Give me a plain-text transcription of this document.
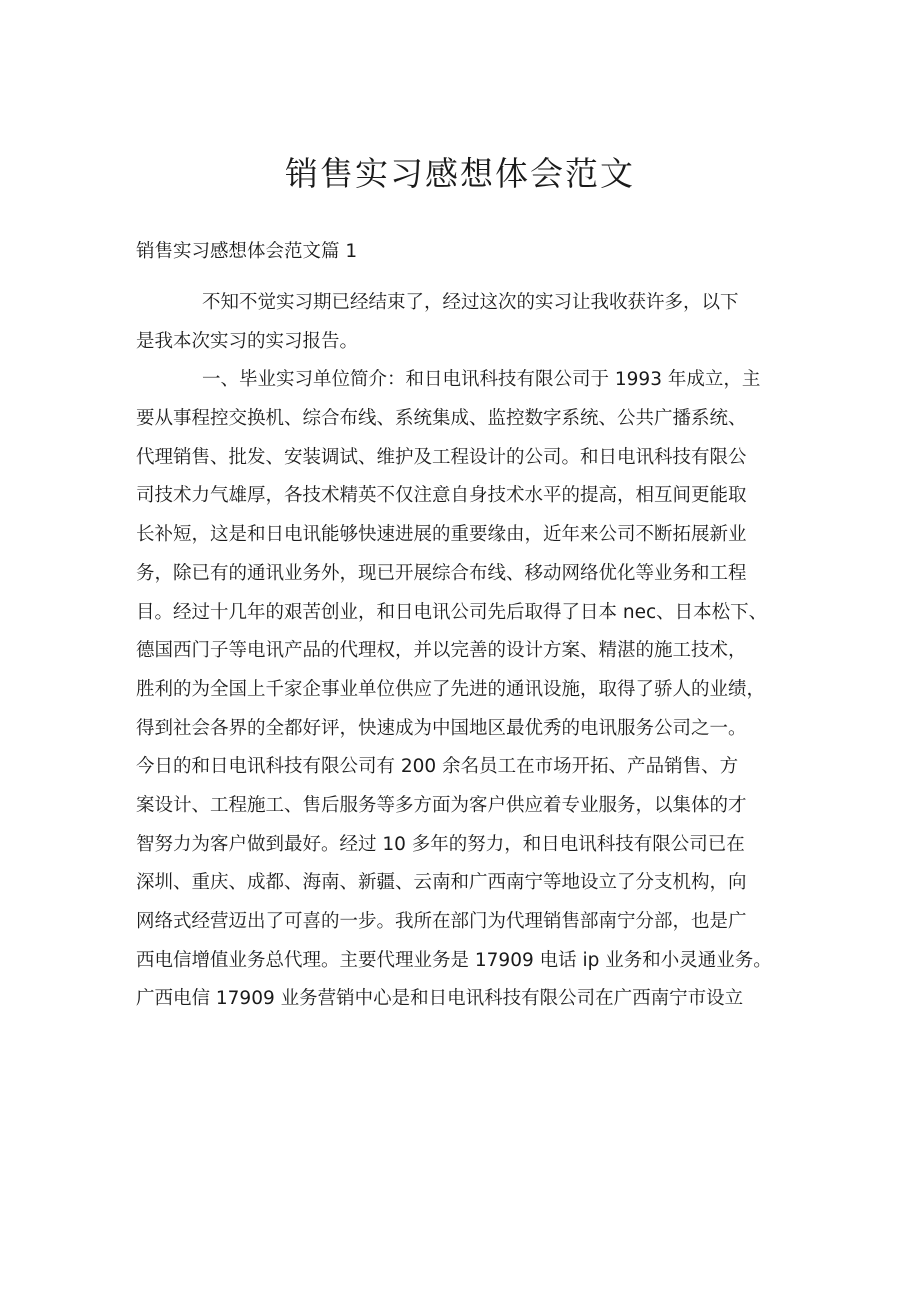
销售实习感想体会范文
销售实习感想体会范文篇 1
不知不觉实习期已经结束了，经过这次的实习让我收获许多，以下
是我本次实习的实习报告。
一、毕业实习单位简介：和日电讯科技有限公司于 1993 年成立，主
要从事程控交换机、综合布线、系统集成、监控数字系统、公共广播系统、
代理销售、批发、安装调试、维护及工程设计的公司。和日电讯科技有限公
司技术力气雄厚，各技术精英不仅注意自身技术水平的提高，相互间更能取
长补短，这是和日电讯能够快速进展的重要缘由，近年来公司不断拓展新业
务，除已有的通讯业务外，现已开展综合布线、移动网络优化等业务和工程
目。经过十几年的艰苦创业，和日电讯公司先后取得了日本 nec、日本松下、
德国西门子等电讯产品的代理权，并以完善的设计方案、精湛的施工技术，
胜利的为全国上千家企事业单位供应了先进的通讯设施，取得了骄人的业绩，
得到社会各界的全都好评，快速成为中国地区最优秀的电讯服务公司之一。
今日的和日电讯科技有限公司有 200 余名员工在市场开拓、产品销售、方
案设计、工程施工、售后服务等多方面为客户供应着专业服务，以集体的才
智努力为客户做到最好。经过 10 多年的努力，和日电讯科技有限公司已在
深圳、重庆、成都、海南、新疆、云南和广西南宁等地设立了分支机构，向
网络式经营迈出了可喜的一步。我所在部门为代理销售部南宁分部，也是广
西电信增值业务总代理。主要代理业务是 17909 电话 ip 业务和小灵通业务。
广西电信 17909 业务营销中心是和日电讯科技有限公司在广西南宁市设立
